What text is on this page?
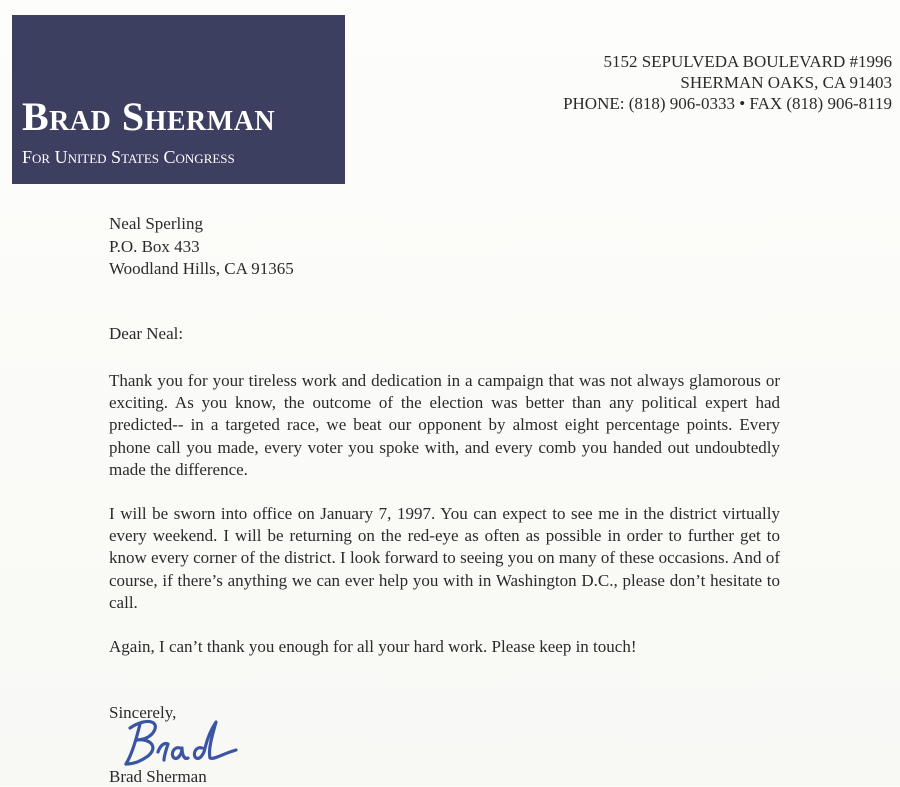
Brad Sherman
For United States Congress
5152 SEPULVEDA BOULEVARD #1996
SHERMAN OAKS, CA 91403
PHONE: (818) 906-0333 • FAX (818) 906-8119
Neal Sperling
P.O. Box 433
Woodland Hills, CA 91365
Dear Neal:

Thank you for your tireless work and dedication in a campaign that was not always glamorous or exciting. As you know, the outcome of the election was better than any political expert had predicted-- in a targeted race, we beat our opponent by almost eight percentage points. Every phone call you made, every voter you spoke with, and every comb you handed out undoubtedly made the difference.

I will be sworn into office on January 7, 1997. You can expect to see me in the district virtually every weekend. I will be returning on the red-eye as often as possible in order to further get to know every corner of the district. I look forward to seeing you on many of these occasions. And of course, if there’s anything we can ever help you with in Washington D.C., please don’t hesitate to call.

Again, I can’t thank you enough for all your hard work. Please keep in touch!

Sincerely,
Brad Sherman
